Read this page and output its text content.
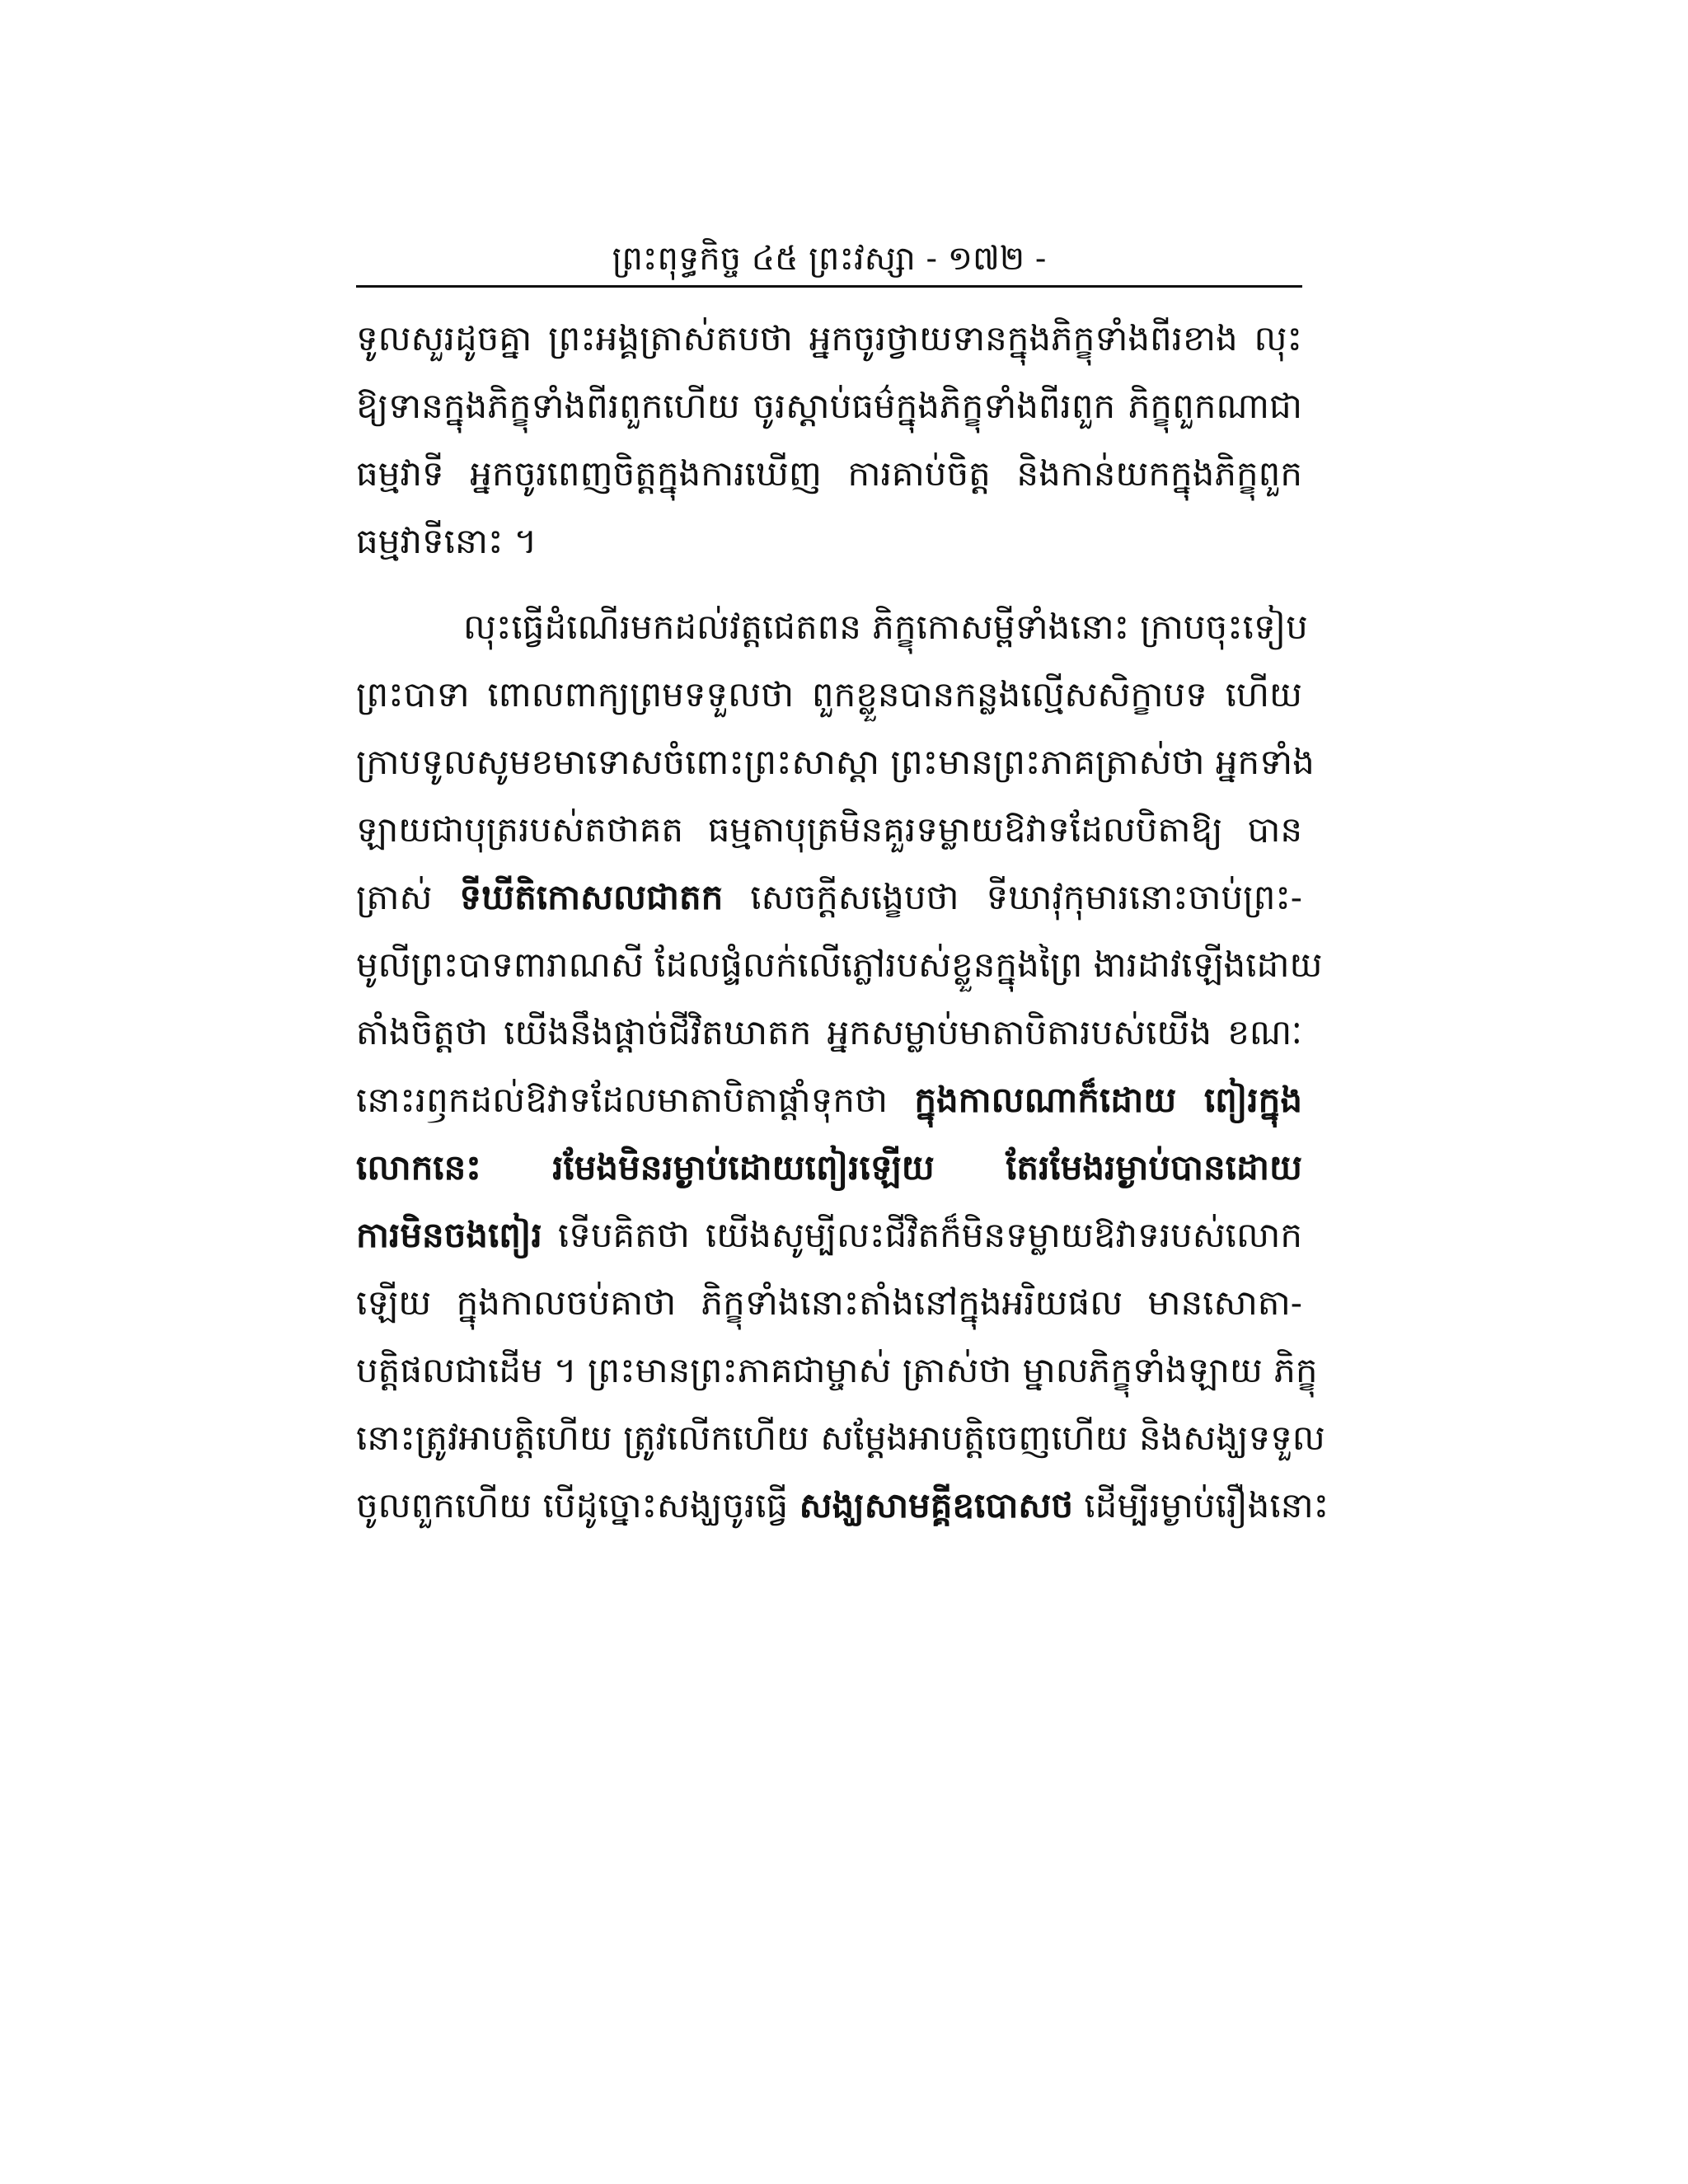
ព្រះពុទ្ធកិច្ច ៤៥ ព្រះវស្សា - ១៧២ -
ទូលសួរដូចគ្នា ព្រះអង្គត្រាស់តបថា អ្នកចូរថ្វាយទានក្នុងភិក្ខុទាំងពីរខាង លុះ
ឱ្យទានក្នុងភិក្ខុទាំងពីរពួកហើយ ចូរស្តាប់ធម៌ក្នុងភិក្ខុទាំងពីរពួក ភិក្ខុពួកណាជា
ធម្មវាទី អ្នកចូរពេញចិត្តក្នុងការឃើញ ការគាប់ចិត្ត និងកាន់យកក្នុងភិក្ខុពួក
ធម្មវាទីនោះ ។
លុះធ្វើដំណើរមកដល់វត្តជេតពន ភិក្ខុកោសម្ពីទាំងនោះ ក្រាបចុះទៀប
ព្រះបាទា ពោលពាក្យព្រមទទួលថា ពួកខ្លួនបានកន្លងល្មើសសិក្ខាបទ ហើយ
ក្រាបទូលសូមខមាទោសចំពោះព្រះសាស្តា ព្រះមានព្រះភាគត្រាស់ថា អ្នកទាំង
ឡាយជាបុត្ររបស់តថាគត ធម្មតាបុត្រមិនគួរទម្លាយឱវាទដែលបិតាឱ្យ បាន
ត្រាស់ ទីឃីតិកោសលជាតក សេចក្តីសង្ខេបថា ទីឃាវុកុមារនោះចាប់ព្រះ-
មូលីព្រះបាទពារាណសី ដែលផ្ទំលក់លើភ្លៅរបស់ខ្លួនក្នុងព្រៃ ងារដាវឡើងដោយ
តាំងចិត្តថា យើងនឹងផ្តាច់ជីវិតឃាតក អ្នកសម្លាប់មាតាបិតារបស់យើង ខណៈ
នោះរឭកដល់ឱវាទដែលមាតាបិតាផ្តាំទុកថា ក្នុងកាលណាក៏ដោយ ពៀរក្នុង
លោកនេះ រមែងមិនរម្ងាប់ដោយពៀរឡើយ តែរមែងរម្ងាប់បានដោយ
ការមិនចងពៀរ ទើបគិតថា យើងសូម្បីលះជីវិតក៏មិនទម្លាយឱវាទរបស់លោក
ឡើយ ក្នុងកាលចប់គាថា ភិក្ខុទាំងនោះតាំងនៅក្នុងអរិយផល មានសោតា-
បត្តិផលជាដើម ។ ព្រះមានព្រះភាគជាម្ចាស់ ត្រាស់ថា ម្នាលភិក្ខុទាំងឡាយ ភិក្ខុ
នោះត្រូវអាបត្តិហើយ ត្រូវលើកហើយ សម្តែងអាបត្តិចេញហើយ និងសង្ឃទទួល
ចូលពួកហើយ បើដូច្នោះសង្ឃចូរធ្វើ សង្ឃសាមគ្គីឧបោសថ ដើម្បីរម្ងាប់រឿងនោះ
